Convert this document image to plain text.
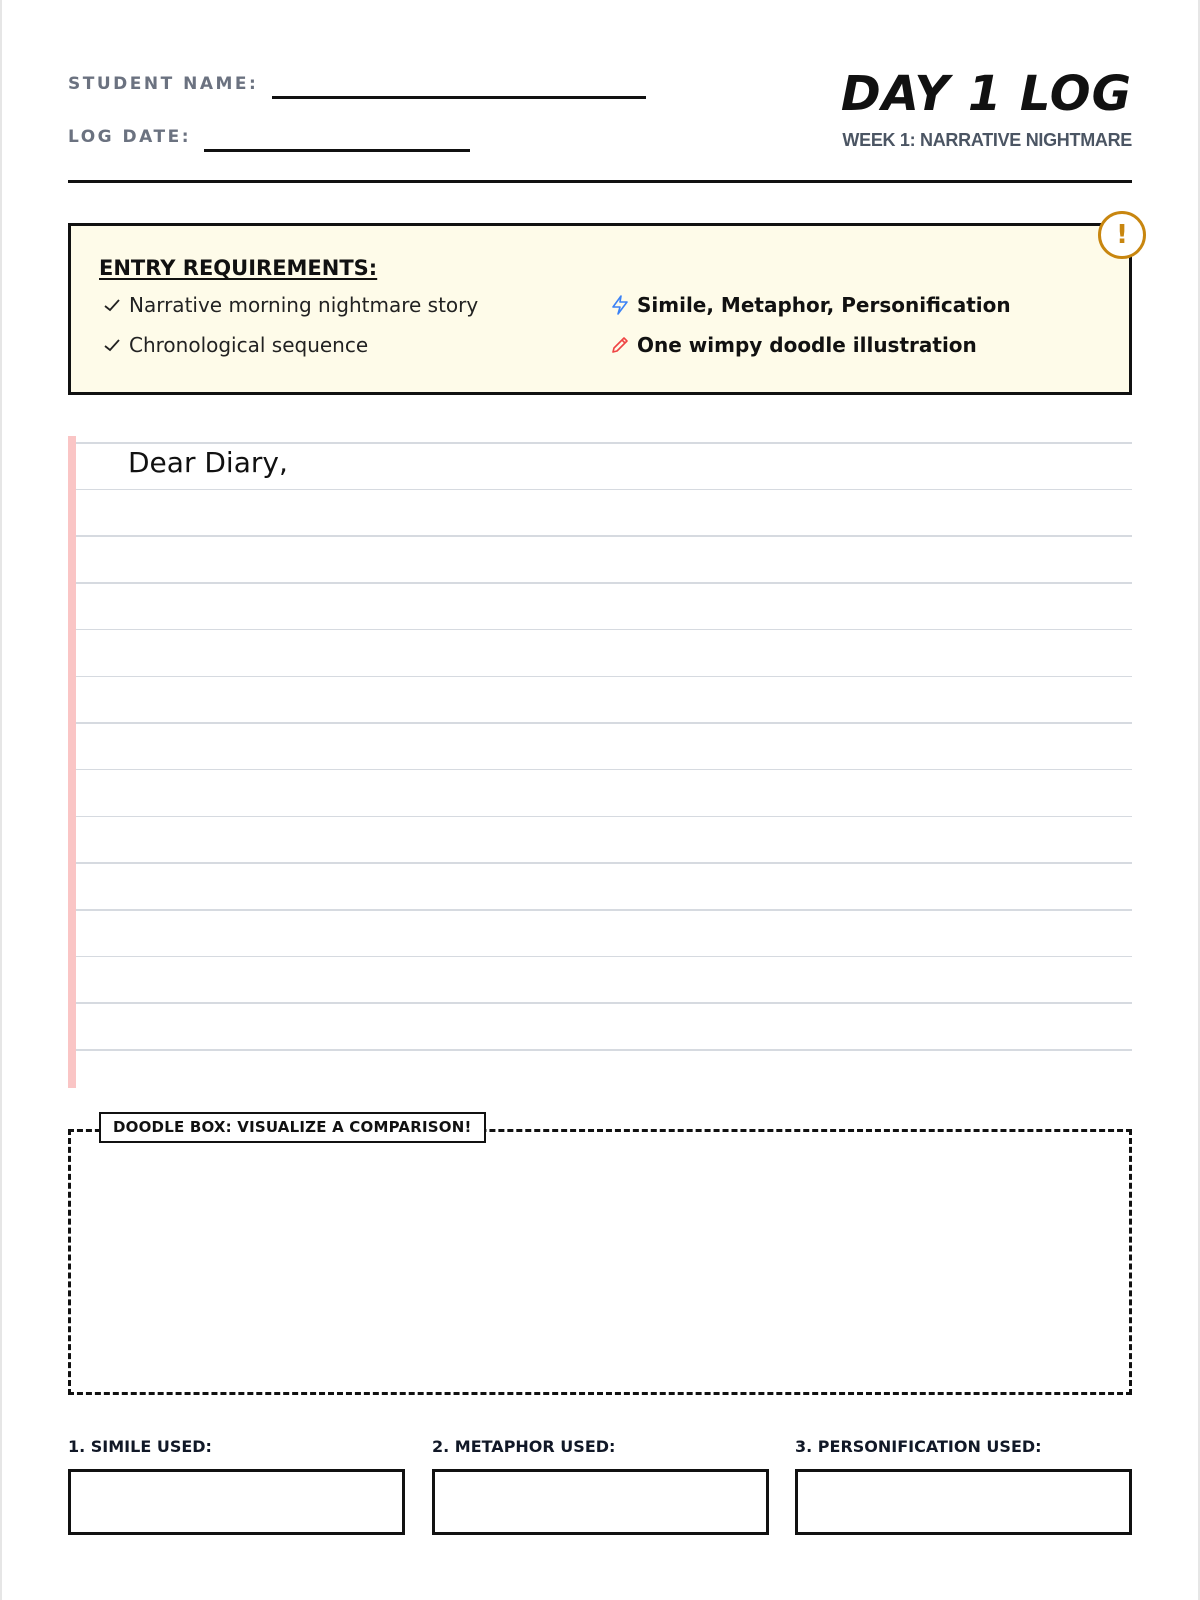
STUDENT NAME:
LOG DATE:
DAY 1 LOG
WEEK 1: NARRATIVE NIGHTMARE
ENTRY REQUIREMENTS:
Narrative morning nightmare story
Chronological sequence
Simile, Metaphor, Personification
One wimpy doodle illustration
!
Dear Diary,
DOODLE BOX: VISUALIZE A COMPARISON!
1. SIMILE USED:	2. METAPHOR USED:	3. PERSONIFICATION USED:
